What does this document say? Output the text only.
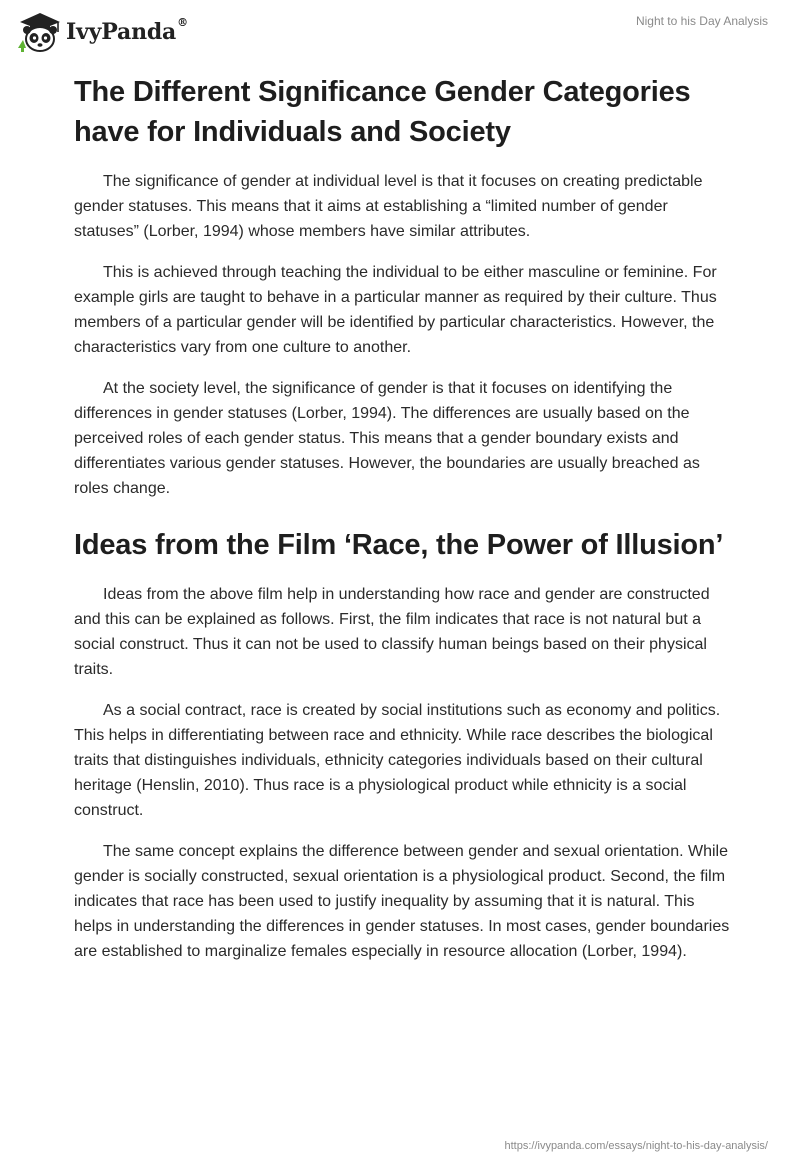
IvyPanda®	Night to his Day Analysis
The Different Significance Gender Categories have for Individuals and Society

The significance of gender at individual level is that it focuses on creating predictable gender statuses. This means that it aims at establishing a “limited number of gender statuses” (Lorber, 1994) whose members have similar attributes.

This is achieved through teaching the individual to be either masculine or feminine. For example girls are taught to behave in a particular manner as required by their culture. Thus members of a particular gender will be identified by particular characteristics. However, the characteristics vary from one culture to another.

At the society level, the significance of gender is that it focuses on identifying the differences in gender statuses (Lorber, 1994). The differences are usually based on the perceived roles of each gender status. This means that a gender boundary exists and differentiates various gender statuses. However, the boundaries are usually breached as roles change.

Ideas from the Film ‘Race, the Power of Illusion’

Ideas from the above film help in understanding how race and gender are constructed and this can be explained as follows. First, the film indicates that race is not natural but a social construct. Thus it can not be used to classify human beings based on their physical traits.

As a social contract, race is created by social institutions such as economy and politics. This helps in differentiating between race and ethnicity. While race describes the biological traits that distinguishes individuals, ethnicity categories individuals based on their cultural heritage (Henslin, 2010). Thus race is a physiological product while ethnicity is a social construct.

The same concept explains the difference between gender and sexual orientation. While gender is socially constructed, sexual orientation is a physiological product. Second, the film indicates that race has been used to justify inequality by assuming that it is natural. This helps in understanding the differences in gender statuses. In most cases, gender boundaries are established to marginalize females especially in resource allocation (Lorber, 1994).

https://ivypanda.com/essays/night-to-his-day-analysis/
